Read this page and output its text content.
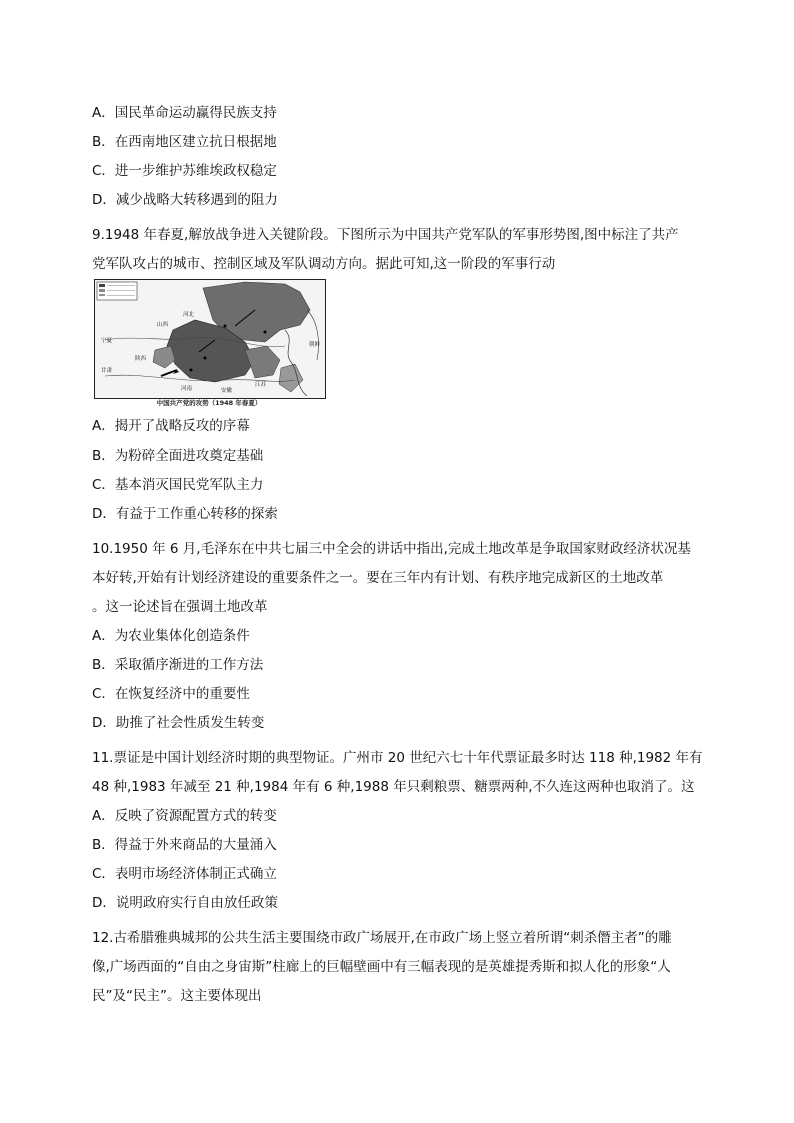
A．国民革命运动赢得民族支持
B．在西南地区建立抗日根据地
C．进一步维护苏维埃政权稳定
D．减少战略大转移遇到的阻力
9.1948 年春夏,解放战争进入关键阶段。下图所示为中国共产党军队的军事形势图,图中标注了共产
党军队攻占的城市、控制区域及军队调动方向。据此可知,这一阶段的军事行动
宁夏
甘肃
陕西
河南	安徽
江苏
朝鲜
山西
河北
中国共产党的攻势（1948 年春夏）
A．揭开了战略反攻的序幕
B．为粉碎全面进攻奠定基础
C．基本消灭国民党军队主力
D．有益于工作重心转移的探索
10.1950 年 6 月,毛泽东在中共七届三中全会的讲话中指出,完成土地改革是争取国家财政经济状况基
本好转,开始有计划经济建设的重要条件之一。要在三年内有计划、有秩序地完成新区的土地改革
。这一论述旨在强调土地改革
A．为农业集体化创造条件
B．采取循序渐进的工作方法
C．在恢复经济中的重要性
D．助推了社会性质发生转变
11.票证是中国计划经济时期的典型物证。广州市 20 世纪六七十年代票证最多时达 118 种,1982 年有
48 种,1983 年减至 21 种,1984 年有 6 种,1988 年只剩粮票、糖票两种,不久连这两种也取消了。这
A．反映了资源配置方式的转变
B．得益于外来商品的大量涌入
C．表明市场经济体制正式确立
D．说明政府实行自由放任政策
12.古希腊雅典城邦的公共生活主要围绕市政广场展开,在市政广场上竖立着所谓“刺杀僭主者”的雕
像,广场西面的“自由之身宙斯”柱廊上的巨幅壁画中有三幅表现的是英雄提秀斯和拟人化的形象“人
民”及“民主”。这主要体现出
